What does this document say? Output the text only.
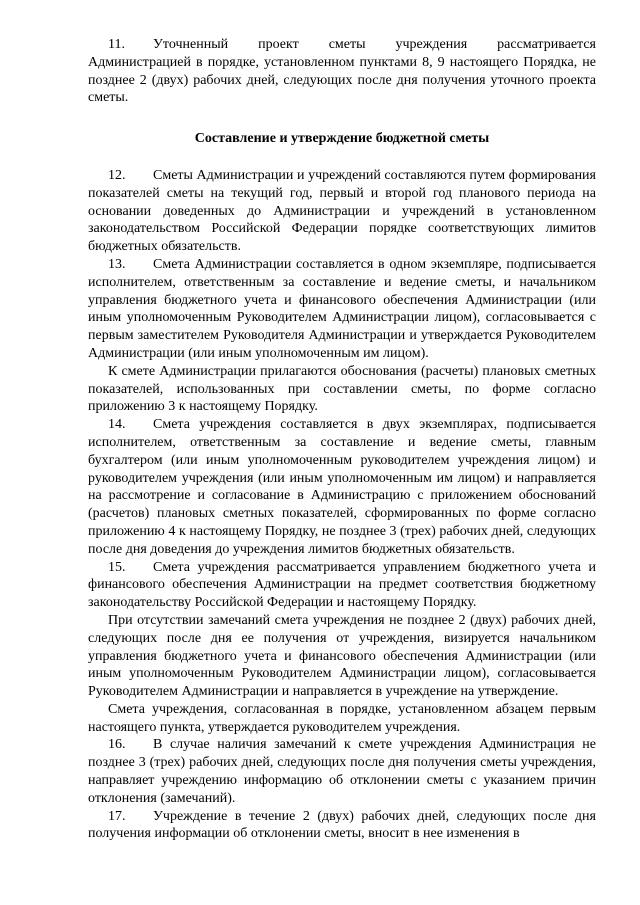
11. Уточненный проект сметы учреждения рассматривается Администрацией в порядке, установленном пунктами 8, 9 настоящего Порядка, не позднее 2 (двух) рабочих дней, следующих после дня получения уточного проекта сметы.

Составление и утверждение бюджетной сметы

12. Сметы Администрации и учреждений составляются путем формирования показателей сметы на текущий год, первый и второй год планового периода на основании доведенных до Администрации и учреждений в установленном законодательством Российской Федерации порядке соответствующих лимитов бюджетных обязательств.

13. Смета Администрации составляется в одном экземпляре, подписывается исполнителем, ответственным за составление и ведение сметы, и начальником управления бюджетного учета и финансового обеспечения Администрации (или иным уполномоченным Руководителем Администрации лицом), согласовывается с первым заместителем Руководителя Администрации и утверждается Руководителем Администрации (или иным уполномоченным им лицом).

К смете Администрации прилагаются обоснования (расчеты) плановых сметных показателей, использованных при составлении сметы, по форме согласно приложению 3 к настоящему Порядку.

14. Смета учреждения составляется в двух экземплярах, подписывается исполнителем, ответственным за составление и ведение сметы, главным бухгалтером (или иным уполномоченным руководителем учреждения лицом) и руководителем учреждения (или иным уполномоченным им лицом) и направляется на рассмотрение и согласование в Администрацию с приложением обоснований (расчетов) плановых сметных показателей, сформированных по форме согласно приложению 4 к настоящему Порядку, не позднее 3 (трех) рабочих дней, следующих после дня доведения до учреждения лимитов бюджетных обязательств.

15. Смета учреждения рассматривается управлением бюджетного учета и финансового обеспечения Администрации на предмет соответствия бюджетному законодательству Российской Федерации и настоящему Порядку.

При отсутствии замечаний смета учреждения не позднее 2 (двух) рабочих дней, следующих после дня ее получения от учреждения, визируется начальником управления бюджетного учета и финансового обеспечения Администрации (или иным уполномоченным Руководителем Администрации лицом), согласовывается Руководителем Администрации и направляется в учреждение на утверждение.

Смета учреждения, согласованная в порядке, установленном абзацем первым настоящего пункта, утверждается руководителем учреждения.

16. В случае наличия замечаний к смете учреждения Администрация не позднее 3 (трех) рабочих дней, следующих после дня получения сметы учреждения, направляет учреждению информацию об отклонении сметы с указанием причин отклонения (замечаний).

17. Учреждение в течение 2 (двух) рабочих дней, следующих после дня получения информации об отклонении сметы, вносит в нее изменения в
